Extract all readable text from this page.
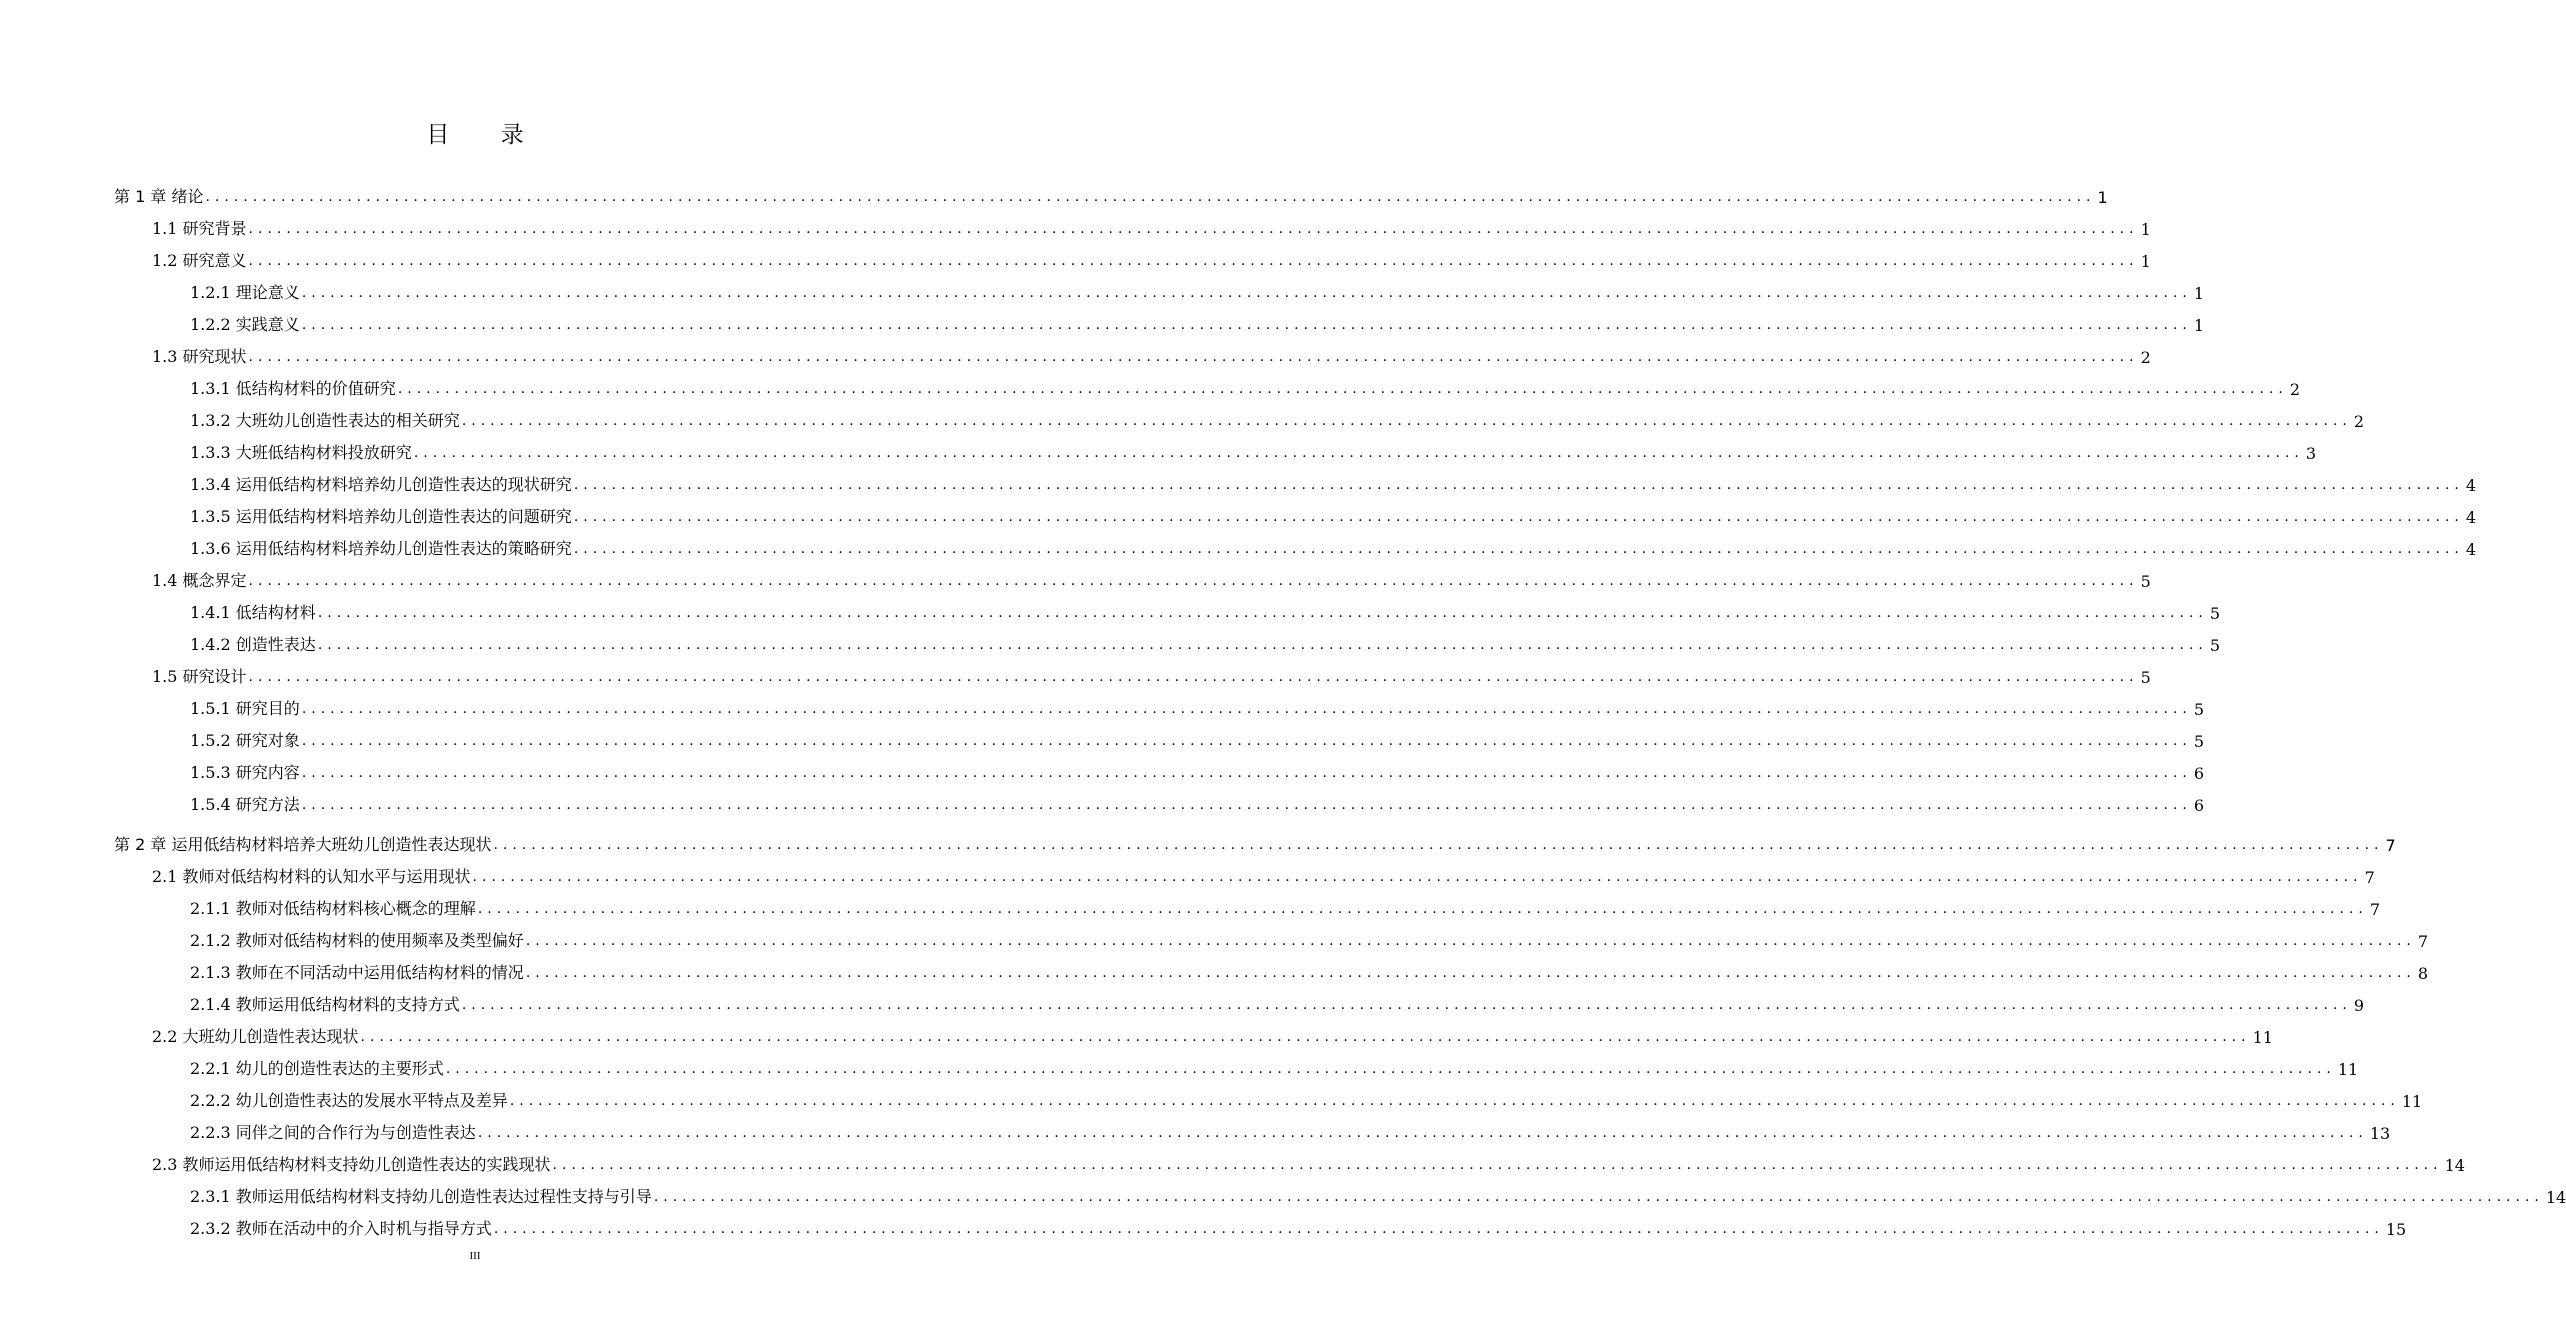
目 录
第 1 章 绪论 ........................................................................................................................................................................................................ 1
1.1 研究背景 ........................................................................................................................................................................................................ 1
1.2 研究意义 ........................................................................................................................................................................................................ 1
1.2.1 理论意义 ........................................................................................................................................................................................................ 1
1.2.2 实践意义 ........................................................................................................................................................................................................ 1
1.3 研究现状 ........................................................................................................................................................................................................ 2
1.3.1 低结构材料的价值研究 ........................................................................................................................................................................................................ 2
1.3.2 大班幼儿创造性表达的相关研究 ........................................................................................................................................................................................................ 2
1.3.3 大班低结构材料投放研究 ........................................................................................................................................................................................................ 3
1.3.4 运用低结构材料培养幼儿创造性表达的现状研究 ........................................................................................................................................................................................................ 4
1.3.5 运用低结构材料培养幼儿创造性表达的问题研究 ........................................................................................................................................................................................................ 4
1.3.6 运用低结构材料培养幼儿创造性表达的策略研究 ........................................................................................................................................................................................................ 4
1.4 概念界定 ........................................................................................................................................................................................................ 5
1.4.1 低结构材料 ........................................................................................................................................................................................................ 5
1.4.2 创造性表达 ........................................................................................................................................................................................................ 5
1.5 研究设计 ........................................................................................................................................................................................................ 5
1.5.1 研究目的 ........................................................................................................................................................................................................ 5
1.5.2 研究对象 ........................................................................................................................................................................................................ 5
1.5.3 研究内容 ........................................................................................................................................................................................................ 6
1.5.4 研究方法 ........................................................................................................................................................................................................ 6
第 2 章 运用低结构材料培养大班幼儿创造性表达现状 ........................................................................................................................................................................................................ 7
2.1 教师对低结构材料的认知水平与运用现状 ........................................................................................................................................................................................................ 7
2.1.1 教师对低结构材料核心概念的理解 ........................................................................................................................................................................................................ 7
2.1.2 教师对低结构材料的使用频率及类型偏好 ........................................................................................................................................................................................................ 7
2.1.3 教师在不同活动中运用低结构材料的情况 ........................................................................................................................................................................................................ 8
2.1.4 教师运用低结构材料的支持方式 ........................................................................................................................................................................................................ 9
2.2 大班幼儿创造性表达现状 ........................................................................................................................................................................................................ 11
2.2.1 幼儿的创造性表达的主要形式 ........................................................................................................................................................................................................ 11
2.2.2 幼儿创造性表达的发展水平特点及差异 ........................................................................................................................................................................................................ 11
2.2.3 同伴之间的合作行为与创造性表达 ........................................................................................................................................................................................................ 13
2.3 教师运用低结构材料支持幼儿创造性表达的实践现状 ........................................................................................................................................................................................................ 14
2.3.1 教师运用低结构材料支持幼儿创造性表达过程性支持与引导 ........................................................................................................................................................................................................ 14
2.3.2 教师在活动中的介入时机与指导方式 ........................................................................................................................................................................................................ 15
III
